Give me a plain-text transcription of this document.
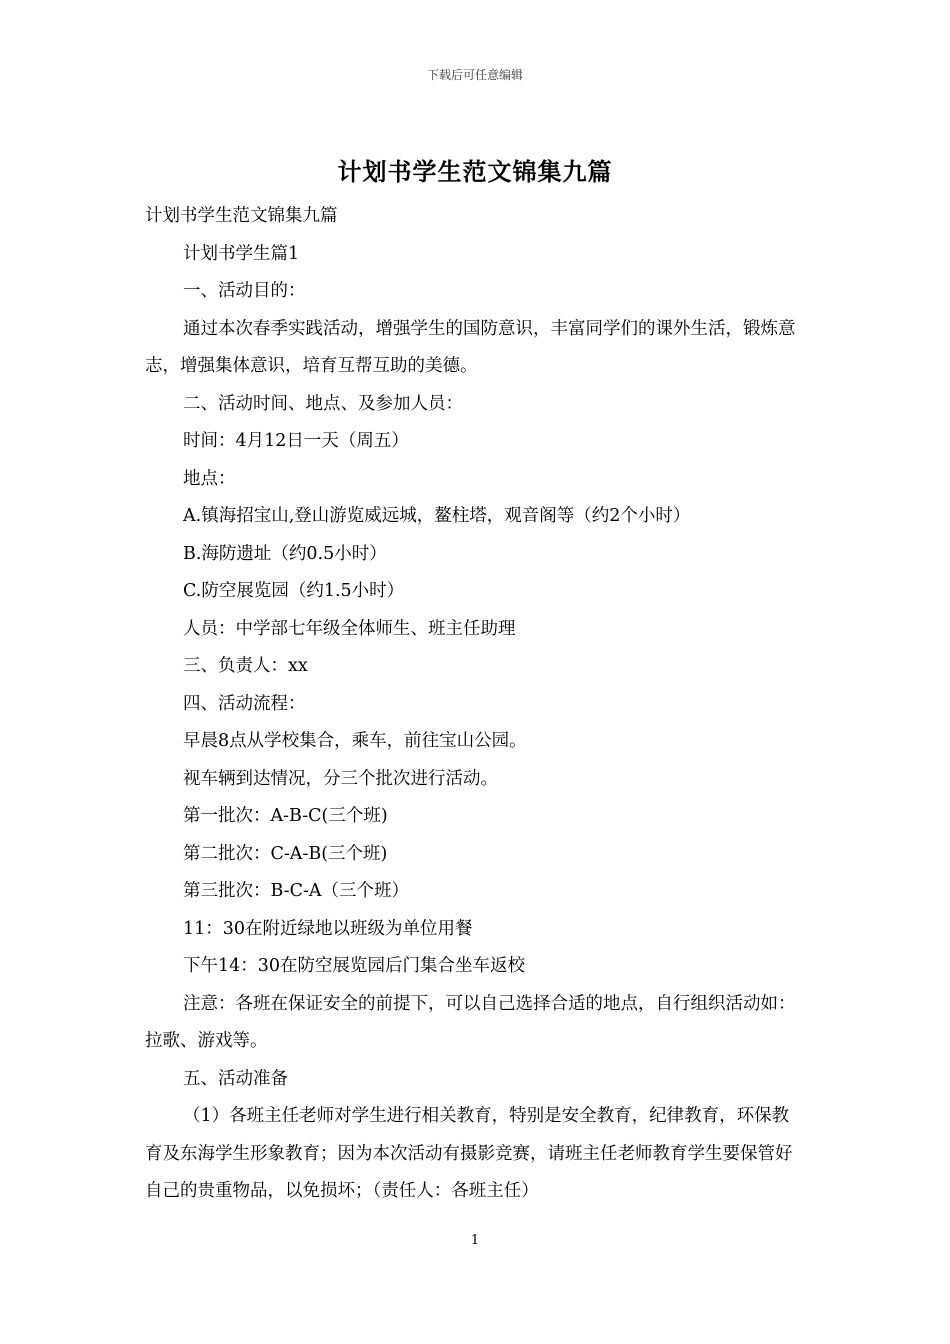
下载后可任意编辑
计划书学生范文锦集九篇

计划书学生范文锦集九篇

计划书学生篇1

一、活动目的：

通过本次春季实践活动，增强学生的国防意识，丰富同学们的课外生活，锻炼意志，增强集体意识，培育互帮互助的美德。

二、活动时间、地点、及参加人员：

时间：4月12日一天（周五）

地点：

A.镇海招宝山,登山游览威远城，鳌柱塔，观音阁等（约2个小时）

B.海防遗址（约0.5小时）

C.防空展览园（约1.5小时）

人员：中学部七年级全体师生、班主任助理

三、负责人：xx

四、活动流程：

早晨8点从学校集合，乘车，前往宝山公园。

视车辆到达情况，分三个批次进行活动。

第一批次：A-B-C(三个班)

第二批次：C-A-B(三个班)

第三批次：B-C-A（三个班）

11：30在附近绿地以班级为单位用餐

下午14：30在防空展览园后门集合坐车返校

注意：各班在保证安全的前提下，可以自己选择合适的地点，自行组织活动如：拉歌、游戏等。

五、活动准备

（1）各班主任老师对学生进行相关教育，特别是安全教育，纪律教育，环保教育及东海学生形象教育；因为本次活动有摄影竞赛，请班主任老师教育学生要保管好自己的贵重物品，以免损坏；（责任人：各班主任）

1
